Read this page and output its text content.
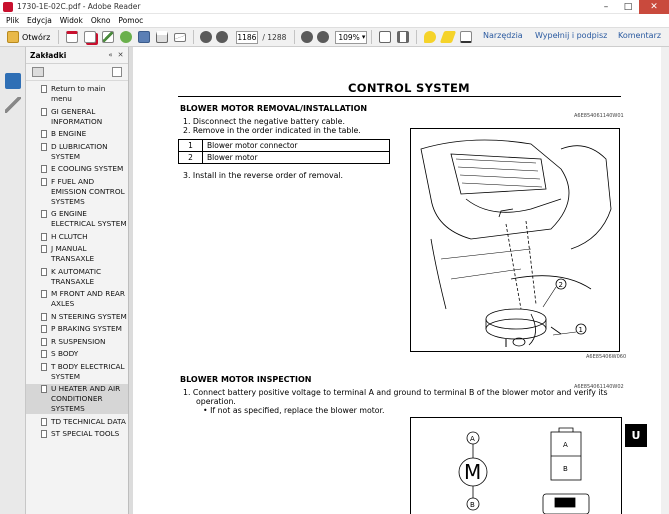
1730-1E-02C.pdf - Adobe Reader	–	□	✕
Plik Edycja Widok Okno Pomoc
Otwórz	1186 / 1288	109% ▾	Narzędzia Wypełnij i podpisz Komentarz
Zakładki	« ✕
Return to main menu
GI GENERAL INFORMATION
B ENGINE
D LUBRICATION SYSTEM
E COOLING SYSTEM
F FUEL AND EMISSION CONTROL SYSTEMS
G ENGINE ELECTRICAL SYSTEM
H CLUTCH
J MANUAL TRANSAXLE
K AUTOMATIC TRANSAXLE
M FRONT AND REAR AXLES
N STEERING SYSTEM
P BRAKING SYSTEM
R SUSPENSION
S BODY
T BODY ELECTRICAL SYSTEM
U HEATER AND AIR CONDITIONER SYSTEMS
TD TECHNICAL DATA
ST SPECIAL TOOLS
CONTROL SYSTEM
BLOWER MOTOR REMOVAL/INSTALLATION
A6E854061140W01
1. Disconnect the negative battery cable.
2. Remove in the order indicated in the table.
1	Blower motor connector
2	Blower motor
3. Install in the reverse order of removal.
1
2
A6E85406W060
BLOWER MOTOR INSPECTION
A6E854061140W02
1. Connect battery positive voltage to terminal A and ground to terminal B of the blower motor and verify its
operation.
• If not as specified, replace the blower motor.
A
M
B
A
B
U
